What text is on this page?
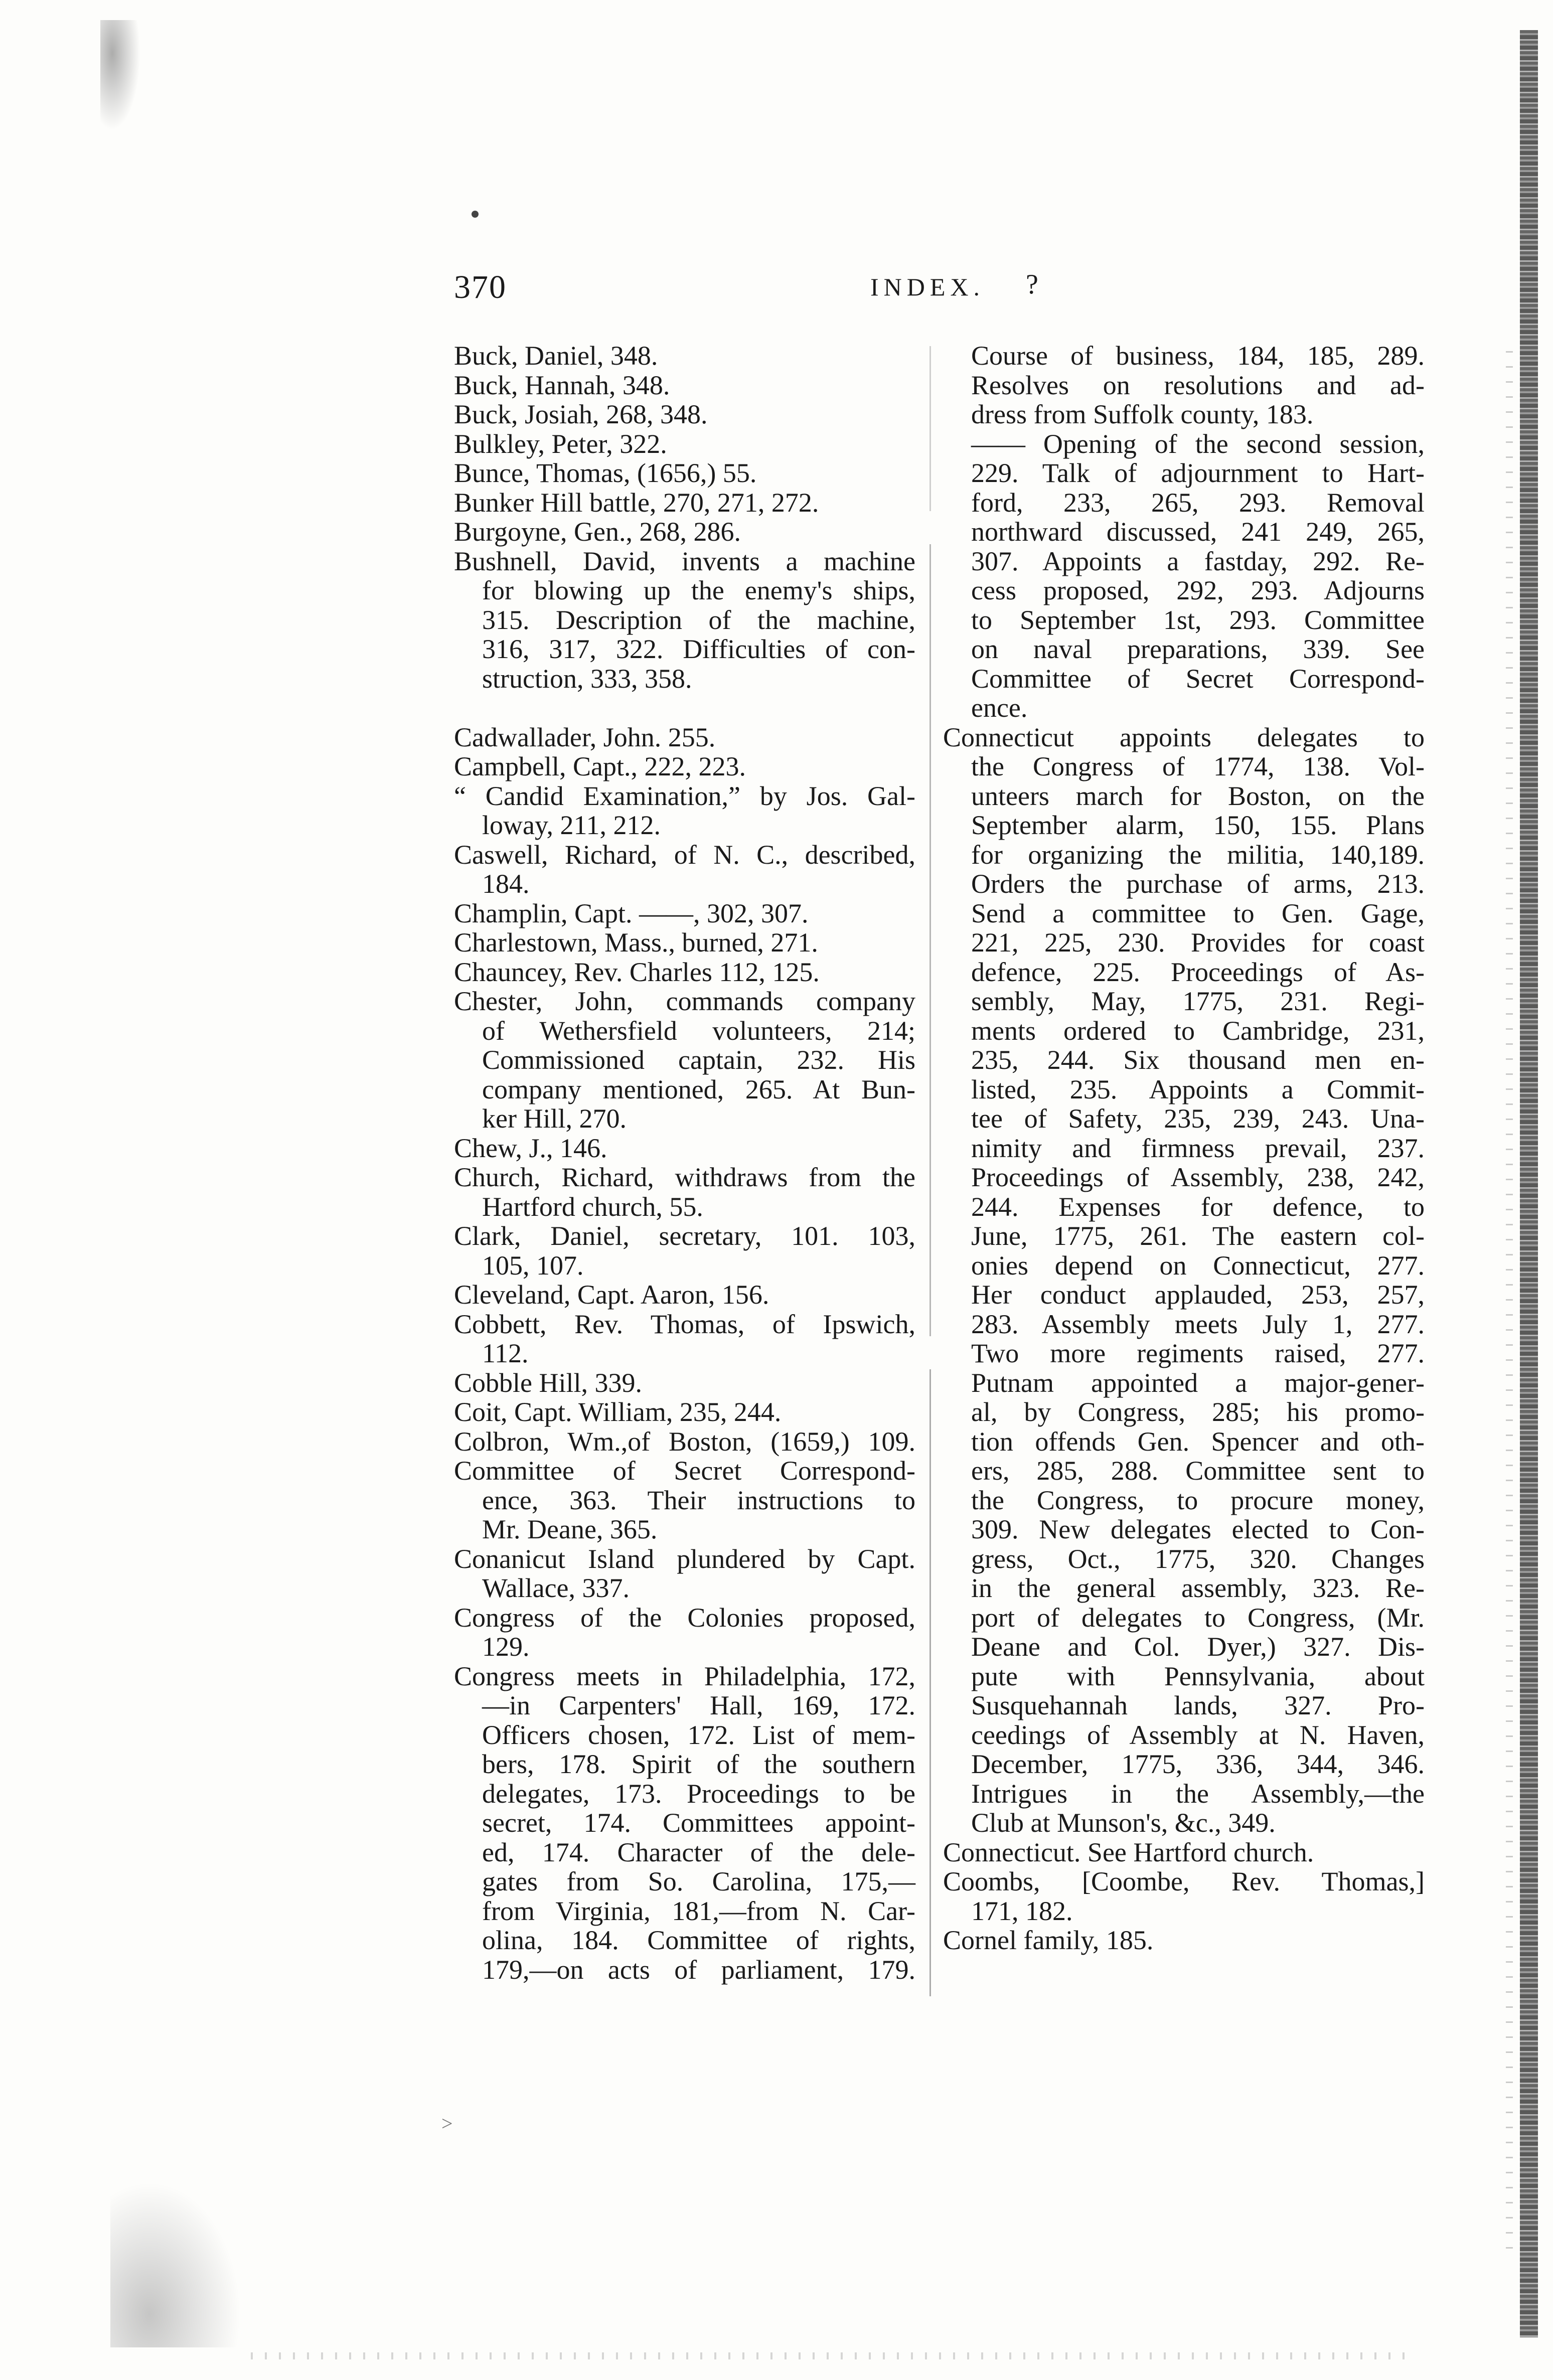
370	INDEX. ?
Buck, Daniel, 348.
Buck, Hannah, 348.
Buck, Josiah, 268, 348.
Bulkley, Peter, 322.
Bunce, Thomas, (1656,) 55.
Bunker Hill battle, 270, 271, 272.
Burgoyne, Gen., 268, 286.
Bushnell, David, invents a machine
for blowing up the enemy's ships,
315. Description of the machine,
316, 317, 322. Difficulties of con-
struction, 333, 358.
Cadwallader, John. 255.
Campbell, Capt., 222, 223.
“ Candid Examination,” by Jos. Gal-
loway, 211, 212.
Caswell, Richard, of N. C., described,
184.
Champlin, Capt. ——, 302, 307.
Charlestown, Mass., burned, 271.
Chauncey, Rev. Charles 112, 125.
Chester, John, commands company
of Wethersfield volunteers, 214;
Commissioned captain, 232. His
company mentioned, 265. At Bun-
ker Hill, 270.
Chew, J., 146.
Church, Richard, withdraws from the
Hartford church, 55.
Clark, Daniel, secretary, 101. 103,
105, 107.
Cleveland, Capt. Aaron, 156.
Cobbett, Rev. Thomas, of Ipswich,
112.
Cobble Hill, 339.
Coit, Capt. William, 235, 244.
Colbron, Wm.,of Boston, (1659,) 109.
Committee of Secret Correspond-
ence, 363. Their instructions to
Mr. Deane, 365.
Conanicut Island plundered by Capt.
Wallace, 337.
Congress of the Colonies proposed,
129.
Congress meets in Philadelphia, 172,
—in Carpenters' Hall, 169, 172.
Officers chosen, 172. List of mem-
bers, 178. Spirit of the southern
delegates, 173. Proceedings to be
secret, 174. Committees appoint-
ed, 174. Character of the dele-
gates from So. Carolina, 175,—
from Virginia, 181,—from N. Car-
olina, 184. Committee of rights,
179,—on acts of parliament, 179.
Course of business, 184, 185, 289.
Resolves on resolutions and ad-
dress from Suffolk county, 183.
—— Opening of the second session,
229. Talk of adjournment to Hart-
ford, 233, 265, 293. Removal
northward discussed, 241 249, 265,
307. Appoints a fastday, 292. Re-
cess proposed, 292, 293. Adjourns
to September 1st, 293. Committee
on naval preparations, 339. See
Committee of Secret Correspond-
ence.
Connecticut appoints delegates to
the Congress of 1774, 138. Vol-
unteers march for Boston, on the
September alarm, 150, 155. Plans
for organizing the militia, 140,189.
Orders the purchase of arms, 213.
Send a committee to Gen. Gage,
221, 225, 230. Provides for coast
defence, 225. Proceedings of As-
sembly, May, 1775, 231. Regi-
ments ordered to Cambridge, 231,
235, 244. Six thousand men en-
listed, 235. Appoints a Commit-
tee of Safety, 235, 239, 243. Una-
nimity and firmness prevail, 237.
Proceedings of Assembly, 238, 242,
244. Expenses for defence, to
June, 1775, 261. The eastern col-
onies depend on Connecticut, 277.
Her conduct applauded, 253, 257,
283. Assembly meets July 1, 277.
Two more regiments raised, 277.
Putnam appointed a major-gener-
al, by Congress, 285; his promo-
tion offends Gen. Spencer and oth-
ers, 285, 288. Committee sent to
the Congress, to procure money,
309. New delegates elected to Con-
gress, Oct., 1775, 320. Changes
in the general assembly, 323. Re-
port of delegates to Congress, (Mr.
Deane and Col. Dyer,) 327. Dis-
pute with Pennsylvania, about
Susquehannah lands, 327. Pro-
ceedings of Assembly at N. Haven,
December, 1775, 336, 344, 346.
Intrigues in the Assembly,—the
Club at Munson's, &c., 349.
Connecticut. See Hartford church.
Coombs, [Coombe, Rev. Thomas,]
171, 182.
Cornel family, 185.
>
